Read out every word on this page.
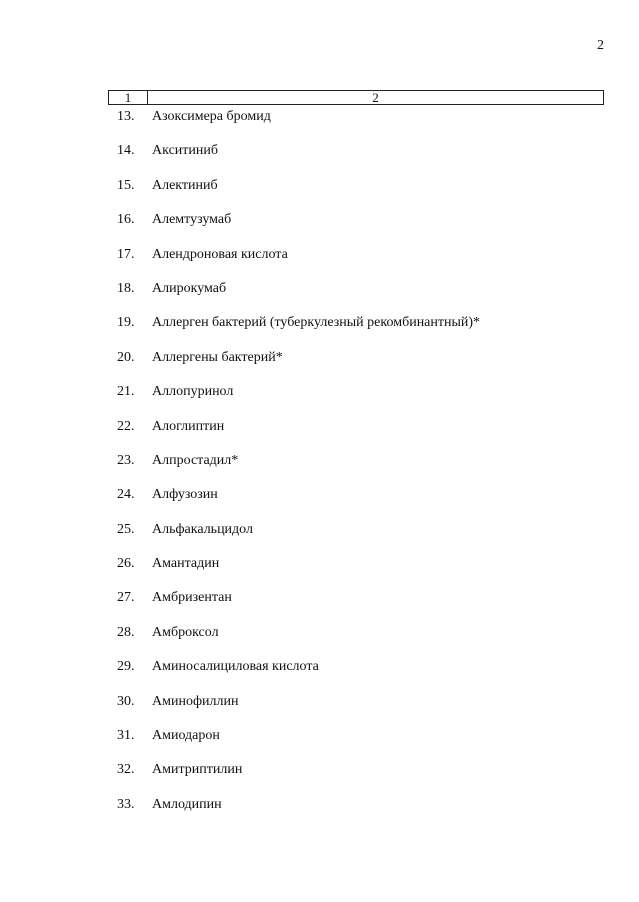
2
1	2
13.	Азоксимера бромид
14.	Акситиниб
15.	Алектиниб
16.	Алемтузумаб
17.	Алендроновая кислота
18.	Алирокумаб
19.	Аллерген бактерий (туберкулезный рекомбинантный)*
20.	Аллергены бактерий*
21.	Аллопуринол
22.	Алоглиптин
23.	Алпростадил*
24.	Алфузозин
25.	Альфакальцидол
26.	Амантадин
27.	Амбризентан
28.	Амброксол
29.	Аминосалициловая кислота
30.	Аминофиллин
31.	Амиодарон
32.	Амитриптилин
33.	Амлодипин
